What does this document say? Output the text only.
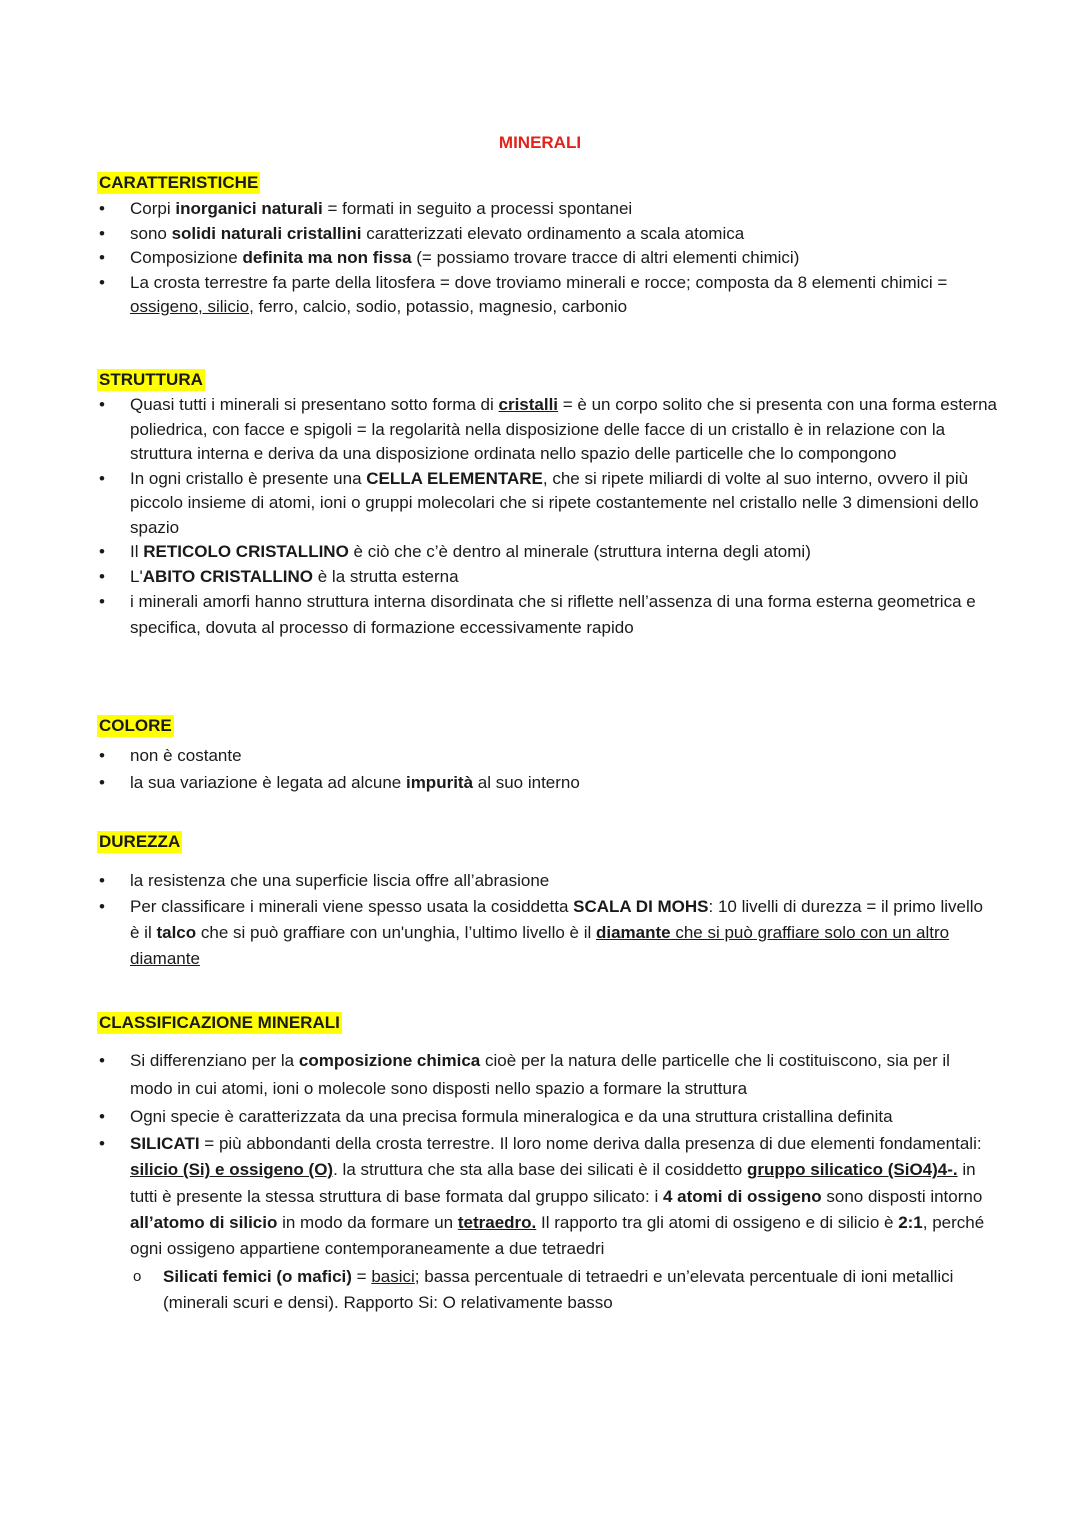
MINERALI
CARATTERISTICHE
• Corpi inorganici naturali = formati in seguito a processi spontanei
• sono solidi naturali cristallini caratterizzati elevato ordinamento a scala atomica
• Composizione definita ma non fissa (= possiamo trovare tracce di altri elementi chimici)
• La crosta terrestre fa parte della litosfera = dove troviamo minerali e rocce; composta da 8 elementi chimici = ossigeno, silicio, ferro, calcio, sodio, potassio, magnesio, carbonio
STRUTTURA
• Quasi tutti i minerali si presentano sotto forma di cristalli = è un corpo solito che si presenta con una forma esterna poliedrica, con facce e spigoli = la regolarità nella disposizione delle facce di un cristallo è in relazione con la struttura interna e deriva da una disposizione ordinata nello spazio delle particelle che lo compongono
• In ogni cristallo è presente una CELLA ELEMENTARE, che si ripete miliardi di volte al suo interno, ovvero il più piccolo insieme di atomi, ioni o gruppi molecolari che si ripete costantemente nel cristallo nelle 3 dimensioni dello spazio
• Il RETICOLO CRISTALLINO è ciò che c’è dentro al minerale (struttura interna degli atomi)
• L'ABITO CRISTALLINO è la strutta esterna
• i minerali amorfi hanno struttura interna disordinata che si riflette nell’assenza di una forma esterna geometrica e specifica, dovuta al processo di formazione eccessivamente rapido
COLORE
• non è costante
• la sua variazione è legata ad alcune impurità al suo interno
DUREZZA
• la resistenza che una superficie liscia offre all’abrasione
• Per classificare i minerali viene spesso usata la cosiddetta SCALA DI MOHS: 10 livelli di durezza = il primo livello è il talco che si può graffiare con un'unghia, l’ultimo livello è il diamante che si può graffiare solo con un altro diamante
CLASSIFICAZIONE MINERALI
• Si differenziano per la composizione chimica cioè per la natura delle particelle che li costituiscono, sia per il modo in cui atomi, ioni o molecole sono disposti nello spazio a formare la struttura
• Ogni specie è caratterizzata da una precisa formula mineralogica e da una struttura cristallina definita
• SILICATI = più abbondanti della crosta terrestre. Il loro nome deriva dalla presenza di due elementi fondamentali: silicio (Si) e ossigeno (O). la struttura che sta alla base dei silicati è il cosiddetto gruppo silicatico (SiO4)4-. in tutti è presente la stessa struttura di base formata dal gruppo silicato: i 4 atomi di ossigeno sono disposti intorno all’atomo di silicio in modo da formare un tetraedro. Il rapporto tra gli atomi di ossigeno e di silicio è 2:1, perché ogni ossigeno appartiene contemporaneamente a due tetraedri
o Silicati femici (o mafici) = basici; bassa percentuale di tetraedri e un’elevata percentuale di ioni metallici (minerali scuri e densi). Rapporto Si: O relativamente basso
